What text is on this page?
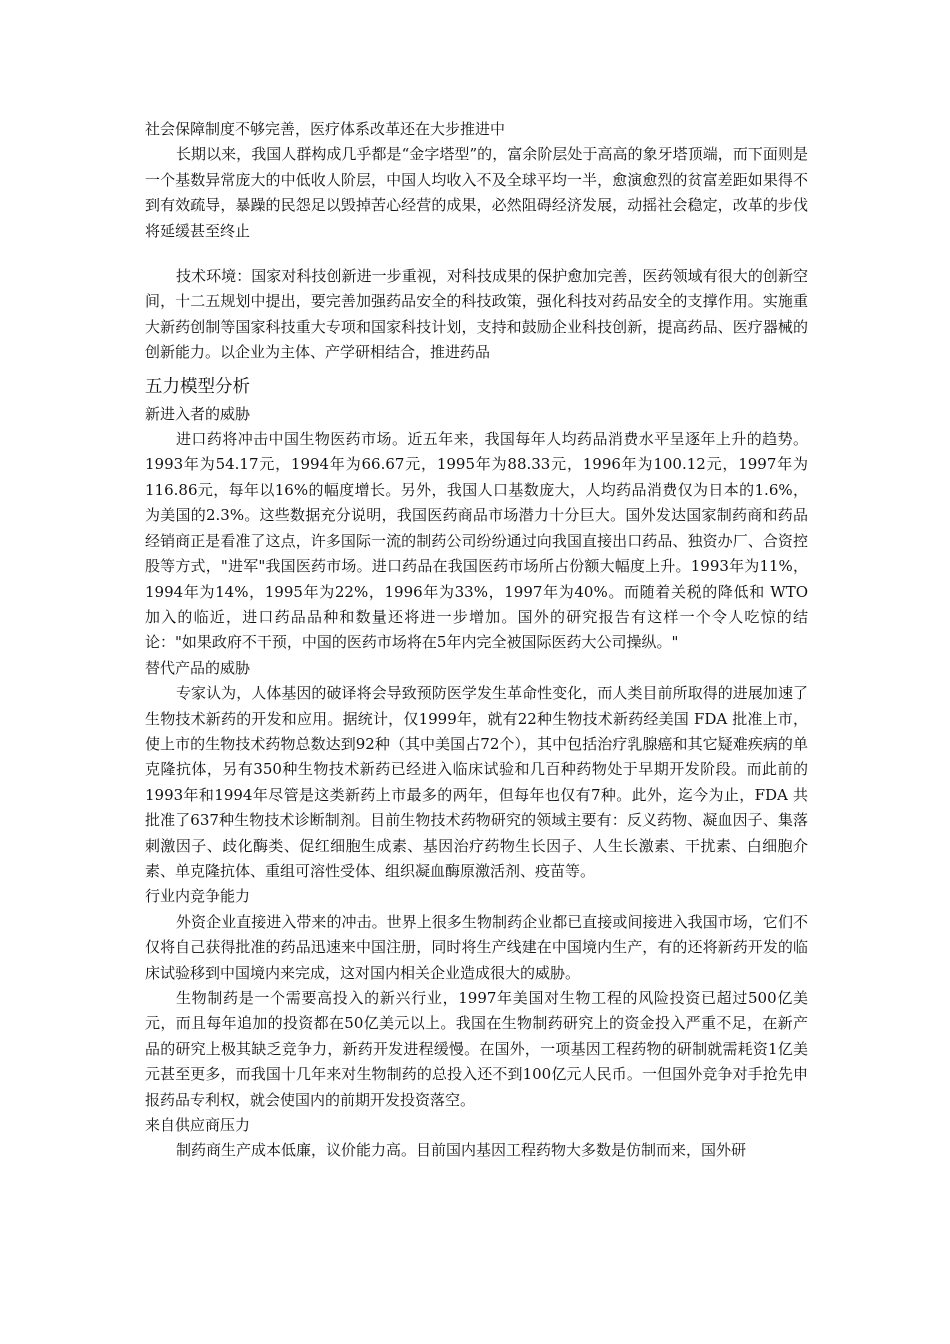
社会保障制度不够完善，医疗体系改革还在大步推进中

长期以来，我国人群构成几乎都是“金字塔型”的，富余阶层处于高高的象牙塔顶端，而下面则是一个基数异常庞大的中低收人阶层，中国人均收入不及全球平均一半，愈演愈烈的贫富差距如果得不到有效疏导，暴躁的民怨足以毁掉苦心经营的成果，必然阻碍经济发展，动摇社会稳定，改革的步伐将延缓甚至终止

技术环境：国家对科技创新进一步重视，对科技成果的保护愈加完善，医药领域有很大的创新空间，十二五规划中提出，要完善加强药品安全的科技政策，强化科技对药品安全的支撑作用。实施重大新药创制等国家科技重大专项和国家科技计划，支持和鼓励企业科技创新，提高药品、医疗器械的创新能力。以企业为主体、产学研相结合，推进药品

五力模型分析

新进入者的威胁

进口药将冲击中国生物医药市场。近五年来，我国每年人均药品消费水平呈逐年上升的趋势。1993年为54.17元，1994年为66.67元，1995年为88.33元，1996年为100.12元，1997年为116.86元，每年以16%的幅度增长。另外，我国人口基数庞大，人均药品消费仅为日本的1.6%，为美国的2.3%。这些数据充分说明，我国医药商品市场潜力十分巨大。国外发达国家制药商和药品经销商正是看准了这点，许多国际一流的制药公司纷纷通过向我国直接出口药品、独资办厂、合资控股等方式，"进军"我国医药市场。进口药品在我国医药市场所占份额大幅度上升。1993年为11%，1994年为14%，1995年为22%，1996年为33%，1997年为40%。而随着关税的降低和 WTO 加入的临近，进口药品品种和数量还将进一步增加。国外的研究报告有这样一个令人吃惊的结论："如果政府不干预，中国的医药市场将在5年内完全被国际医药大公司操纵。"

替代产品的威胁

专家认为，人体基因的破译将会导致预防医学发生革命性变化，而人类目前所取得的进展加速了生物技术新药的开发和应用。据统计，仅1999年，就有22种生物技术新药经美国 FDA 批准上市，使上市的生物技术药物总数达到92种（其中美国占72个），其中包括治疗乳腺癌和其它疑难疾病的单克隆抗体，另有350种生物技术新药已经进入临床试验和几百种药物处于早期开发阶段。而此前的1993年和1994年尽管是这类新药上市最多的两年，但每年也仅有7种。此外，迄今为止，FDA 共批准了637种生物技术诊断制剂。目前生物技术药物研究的领域主要有：反义药物、凝血因子、集落刺激因子、歧化酶类、促红细胞生成素、基因治疗药物生长因子、人生长激素、干扰素、白细胞介素、单克隆抗体、重组可溶性受体、组织凝血酶原激活剂、疫苗等。

行业内竞争能力

外资企业直接进入带来的冲击。世界上很多生物制药企业都已直接或间接进入我国市场，它们不仅将自己获得批准的药品迅速来中国注册，同时将生产线建在中国境内生产，有的还将新药开发的临床试验移到中国境内来完成，这对国内相关企业造成很大的威胁。

生物制药是一个需要高投入的新兴行业，1997年美国对生物工程的风险投资已超过500亿美元，而且每年追加的投资都在50亿美元以上。我国在生物制药研究上的资金投入严重不足，在新产品的研究上极其缺乏竞争力，新药开发进程缓慢。在国外，一项基因工程药物的研制就需耗资1亿美元甚至更多，而我国十几年来对生物制药的总投入还不到100亿元人民币。一但国外竞争对手抢先申报药品专利权，就会使国内的前期开发投资落空。

来自供应商压力

制药商生产成本低廉，议价能力高。目前国内基因工程药物大多数是仿制而来，国外研
